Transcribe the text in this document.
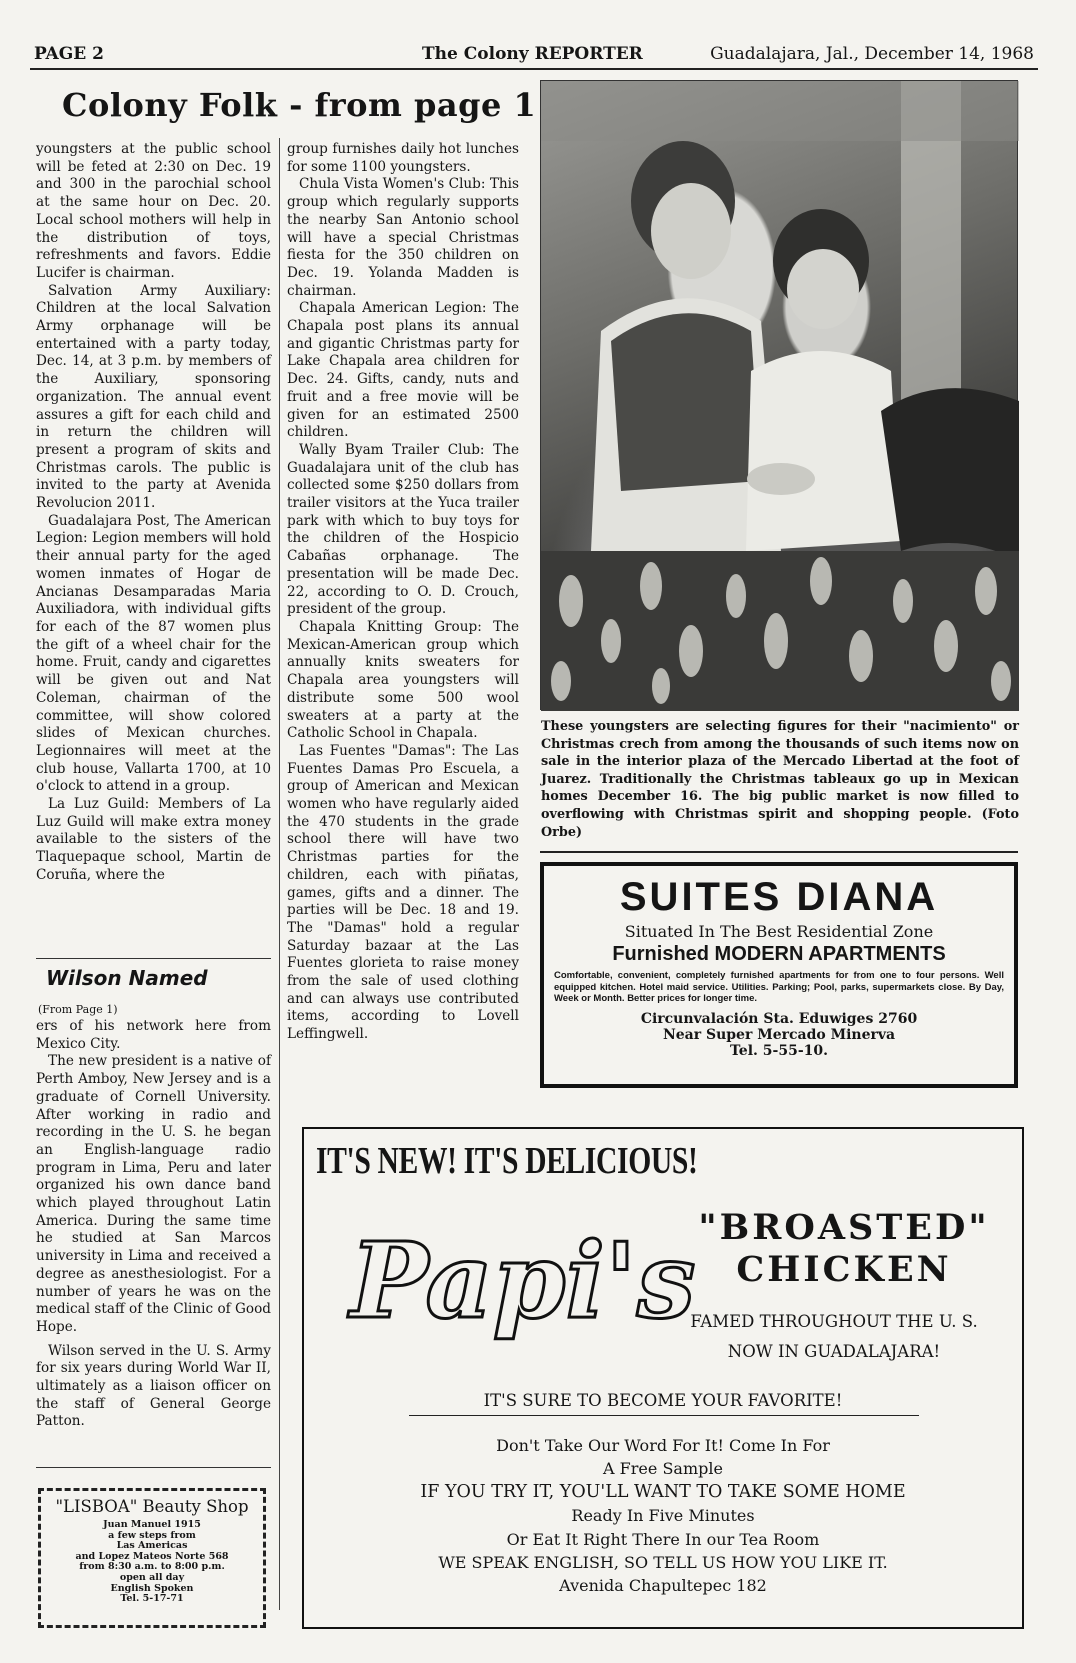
PAGE 2	The Colony REPORTER	Guadalajara, Jal., December 14, 1968
Colony Folk - from page 1

youngsters at the public school will be feted at 2:30 on Dec. 19 and 300 in the parochial school at the same hour on Dec. 20. Local school mothers will help in the distribution of toys, refreshments and favors. Eddie Lucifer is chairman.

Salvation Army Auxiliary: Children at the local Salvation Army orphanage will be entertained with a party today, Dec. 14, at 3 p.m. by members of the Auxiliary, sponsoring organization. The annual event assures a gift for each child and in return the children will present a program of skits and Christmas carols. The public is invited to the party at Avenida Revolucion 2011.

Guadalajara Post, The American Legion: Legion members will hold their annual party for the aged women inmates of Hogar de Ancianas Desamparadas Maria Auxiliadora, with individual gifts for each of the 87 women plus the gift of a wheel chair for the home. Fruit, candy and cigarettes will be given out and Nat Coleman, chairman of the committee, will show colored slides of Mexican churches. Legionnaires will meet at the club house, Vallarta 1700, at 10 o'clock to attend in a group.

La Luz Guild: Members of La Luz Guild will make extra money available to the sisters of the Tlaquepaque school, Martin de Coruña, where the

Wilson Named
(From Page 1)

ers of his network here from Mexico City.

The new president is a native of Perth Amboy, New Jersey and is a graduate of Cornell University. After working in radio and recording in the U. S. he began an English-language radio program in Lima, Peru and later organized his own dance band which played throughout Latin America. During the same time he studied at San Marcos university in Lima and received a degree as anesthesiologist. For a number of years he was on the medical staff of the Clinic of Good Hope.

Wilson served in the U. S. Army for six years during World War II, ultimately as a liaison officer on the staff of General George Patton.

group furnishes daily hot lunches for some 1100 youngsters.

Chula Vista Women's Club: This group which regularly supports the nearby San Antonio school will have a special Christmas fiesta for the 350 children on Dec. 19. Yolanda Madden is chairman.

Chapala American Legion: The Chapala post plans its annual and gigantic Christmas party for Lake Chapala area children for Dec. 24. Gifts, candy, nuts and fruit and a free movie will be given for an estimated 2500 children.

Wally Byam Trailer Club: The Guadalajara unit of the club has collected some $250 dollars from trailer visitors at the Yuca trailer park with which to buy toys for the children of the Hospicio Cabañas orphanage. The presentation will be made Dec. 22, according to O. D. Crouch, president of the group.

Chapala Knitting Group: The Mexican-American group which annually knits sweaters for Chapala area youngsters will distribute some 500 wool sweaters at a party at the Catholic School in Chapala.

Las Fuentes "Damas": The Las Fuentes Damas Pro Escuela, a group of American and Mexican women who have regularly aided the 470 students in the grade school there will have two Christmas parties for the children, each with piñatas, games, gifts and a dinner. The parties will be Dec. 18 and 19. The "Damas" hold a regular Saturday bazaar at the Las Fuentes glorieta to raise money from the sale of used clothing and can always use contributed items, according to Lovell Leffingwell.

These youngsters are selecting figures for their "nacimiento" or Christmas crech from among the thousands of such items now on sale in the interior plaza of the Mercado Libertad at the foot of Juarez. Traditionally the Christmas tableaux go up in Mexican homes December 16. The big public market is now filled to overflowing with Christmas spirit and shopping people. (Foto Orbe)
SUITES DIANA
Situated In The Best Residential Zone
Furnished MODERN APARTMENTS
Comfortable, convenient, completely furnished apartments for from one to four persons. Well equipped kitchen. Hotel maid service. Utilities. Parking; Pool, parks, supermarkets close. By Day, Week or Month. Better prices for longer time.
Circunvalación Sta. Eduwiges 2760
Near Super Mercado Minerva
Tel. 5-55-10.
IT'S NEW! IT'S DELICIOUS!
Papi's "BROASTED"
CHICKEN
FAMED THROUGHOUT THE U. S.
NOW IN GUADALAJARA!
IT'S SURE TO BECOME YOUR FAVORITE!
Don't Take Our Word For It! Come In For
A Free Sample
IF YOU TRY IT, YOU'LL WANT TO TAKE SOME HOME
Ready In Five Minutes
Or Eat It Right There In our Tea Room
WE SPEAK ENGLISH, SO TELL US HOW YOU LIKE IT.
Avenida Chapultepec 182
"LISBOA" Beauty Shop
Juan Manuel 1915
a few steps from
Las Americas
and Lopez Mateos Norte 568
from 8:30 a.m. to 8:00 p.m.
open all day
English Spoken
Tel. 5-17-71
